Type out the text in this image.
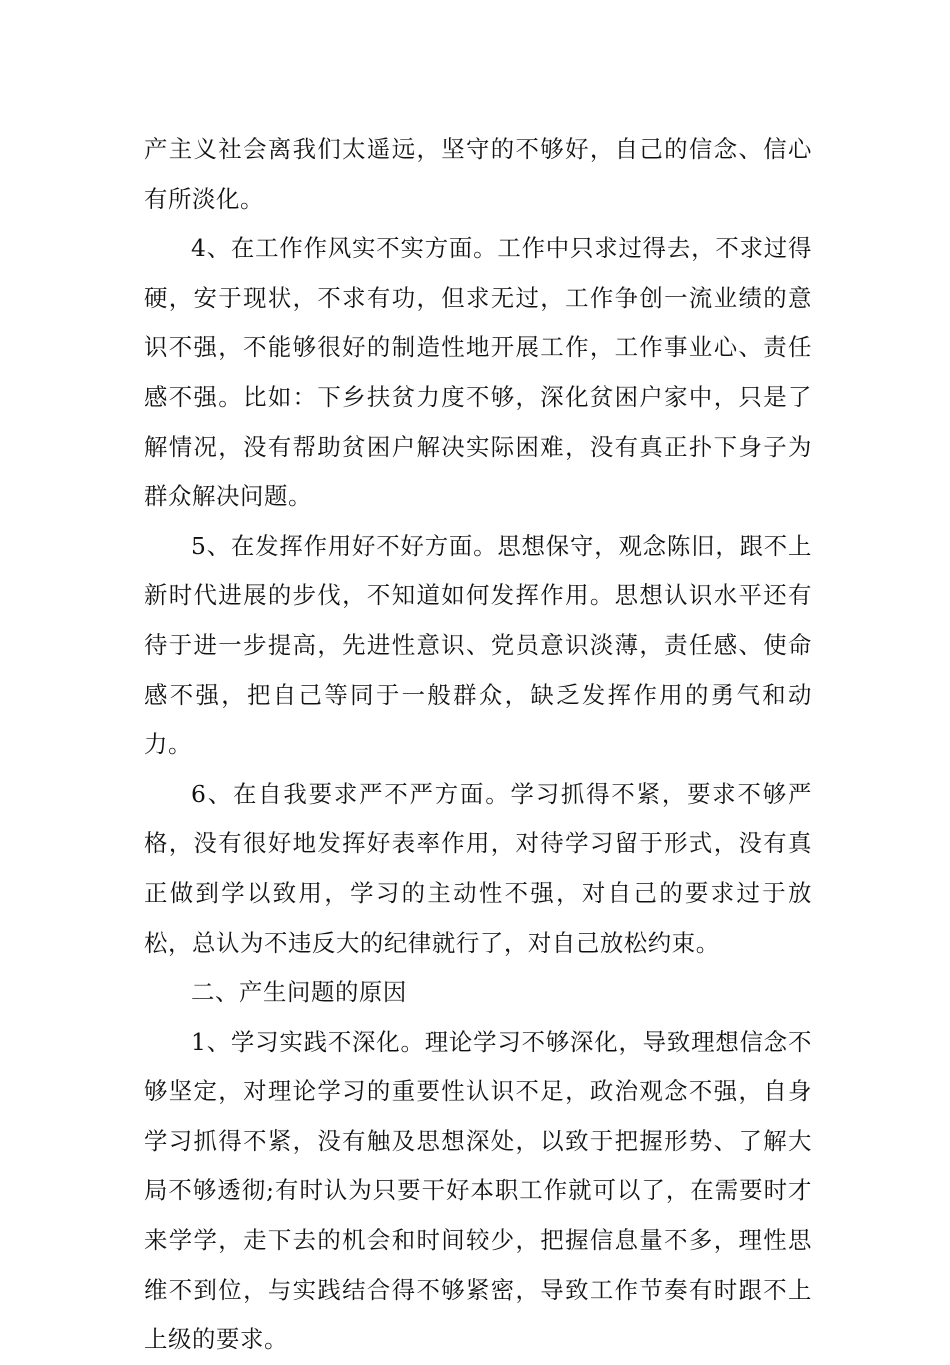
产主义社会离我们太遥远，坚守的不够好，自己的信念、信心有所淡化。

4、在工作作风实不实方面。工作中只求过得去，不求过得硬，安于现状，不求有功，但求无过，工作争创一流业绩的意识不强，不能够很好的制造性地开展工作，工作事业心、责任感不强。比如：下乡扶贫力度不够，深化贫困户家中，只是了解情况，没有帮助贫困户解决实际困难，没有真正扑下身子为群众解决问题。

5、在发挥作用好不好方面。思想保守，观念陈旧，跟不上新时代进展的步伐，不知道如何发挥作用。思想认识水平还有待于进一步提高，先进性意识、党员意识淡薄，责任感、使命感不强，把自己等同于一般群众，缺乏发挥作用的勇气和动力。

6、在自我要求严不严方面。学习抓得不紧，要求不够严格，没有很好地发挥好表率作用，对待学习留于形式，没有真正做到学以致用，学习的主动性不强，对自己的要求过于放松，总认为不违反大的纪律就行了，对自己放松约束。

二、产生问题的原因

1、学习实践不深化。理论学习不够深化，导致理想信念不够坚定，对理论学习的重要性认识不足，政治观念不强，自身学习抓得不紧，没有触及思想深处，以致于把握形势、了解大局不够透彻;有时认为只要干好本职工作就可以了，在需要时才来学学，走下去的机会和时间较少，把握信息量不多，理性思维不到位，与实践结合得不够紧密，导致工作节奏有时跟不上上级的要求。
